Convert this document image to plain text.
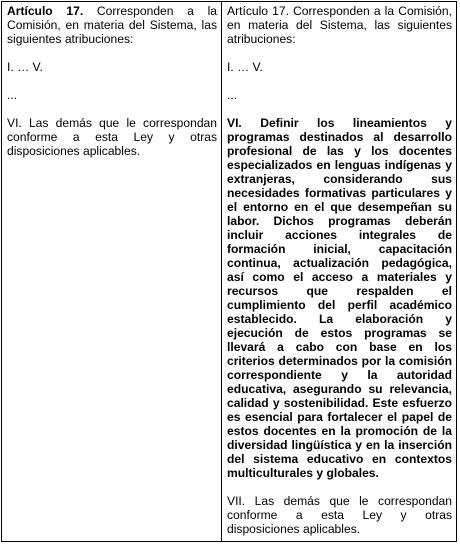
Artículo 17. Corresponden a la Comisión, en materia del Sistema, las siguientes atribuciones:

I. … V.

...

VI. Las demás que le correspondan conforme a esta Ley y otras disposiciones aplicables.

Artículo 17. Corresponden a la Comisión, en materia del Sistema, las siguientes atribuciones:

I. … V.

...

VI. Definir los lineamientos y programas destinados al desarrollo profesional de las y los docentes especializados en lenguas indígenas y extranjeras, considerando sus necesidades formativas particulares y el entorno en el que desempeñan su labor. Dichos programas deberán incluir acciones integrales de formación inicial, capacitación continua, actualización pedagógica, así como el acceso a materiales y recursos que respalden el cumplimiento del perfil académico establecido. La elaboración y ejecución de estos programas se llevará a cabo con base en los criterios determinados por la comisión correspondiente y la autoridad educativa, asegurando su relevancia, calidad y sostenibilidad. Este esfuerzo es esencial para fortalecer el papel de estos docentes en la promoción de la diversidad lingüística y en la inserción del sistema educativo en contextos multiculturales y globales.

VII. Las demás que le correspondan conforme a esta Ley y otras disposiciones aplicables.
